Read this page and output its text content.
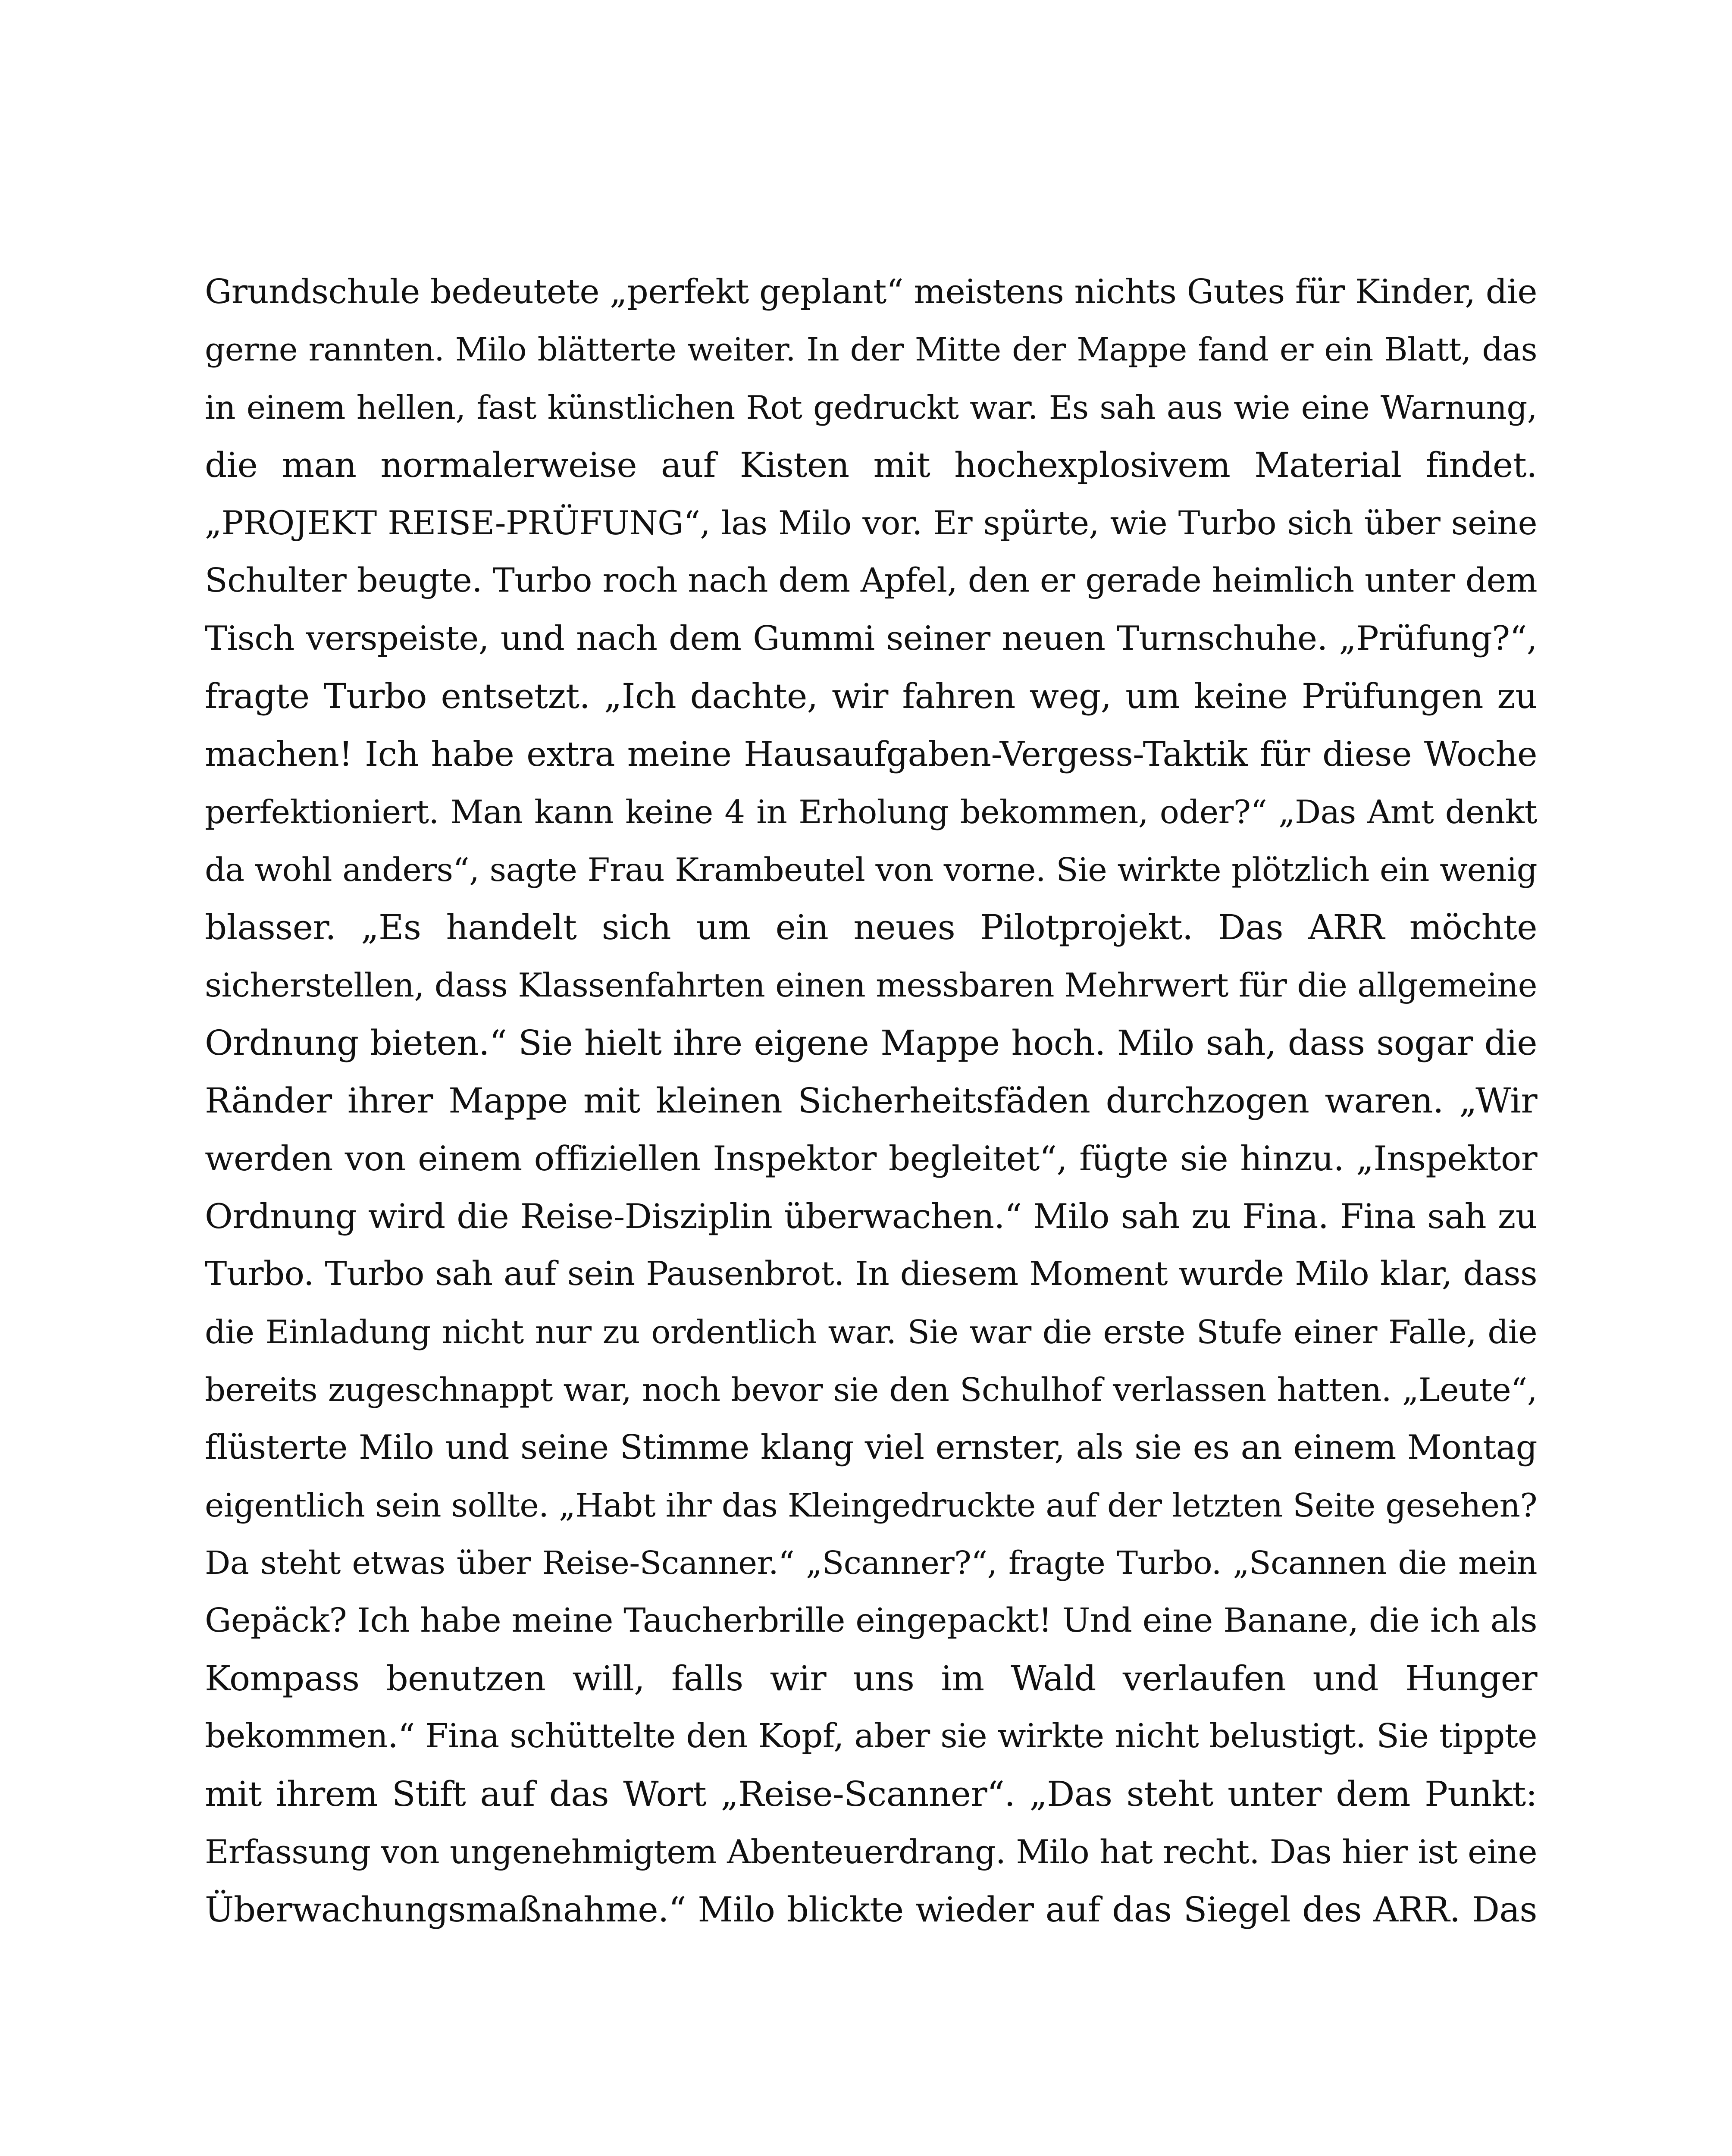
Grundschule bedeutete „perfekt geplant“ meistens nichts Gutes für Kinder, die
gerne rannten. Milo blätterte weiter. In der Mitte der Mappe fand er ein Blatt, das
in einem hellen, fast künstlichen Rot gedruckt war. Es sah aus wie eine Warnung,
die man normalerweise auf Kisten mit hochexplosivem Material findet.
„PROJEKT REISE-PRÜFUNG“, las Milo vor. Er spürte, wie Turbo sich über seine
Schulter beugte. Turbo roch nach dem Apfel, den er gerade heimlich unter dem
Tisch verspeiste, und nach dem Gummi seiner neuen Turnschuhe. „Prüfung?“,
fragte Turbo entsetzt. „Ich dachte, wir fahren weg, um keine Prüfungen zu
machen! Ich habe extra meine Hausaufgaben-Vergess-Taktik für diese Woche
perfektioniert. Man kann keine 4 in Erholung bekommen, oder?“ „Das Amt denkt
da wohl anders“, sagte Frau Krambeutel von vorne. Sie wirkte plötzlich ein wenig
blasser. „Es handelt sich um ein neues Pilotprojekt. Das ARR möchte
sicherstellen, dass Klassenfahrten einen messbaren Mehrwert für die allgemeine
Ordnung bieten.“ Sie hielt ihre eigene Mappe hoch. Milo sah, dass sogar die
Ränder ihrer Mappe mit kleinen Sicherheitsfäden durchzogen waren. „Wir
werden von einem offiziellen Inspektor begleitet“, fügte sie hinzu. „Inspektor
Ordnung wird die Reise-Disziplin überwachen.“ Milo sah zu Fina. Fina sah zu
Turbo. Turbo sah auf sein Pausenbrot. In diesem Moment wurde Milo klar, dass
die Einladung nicht nur zu ordentlich war. Sie war die erste Stufe einer Falle, die
bereits zugeschnappt war, noch bevor sie den Schulhof verlassen hatten. „Leute“,
flüsterte Milo und seine Stimme klang viel ernster, als sie es an einem Montag
eigentlich sein sollte. „Habt ihr das Kleingedruckte auf der letzten Seite gesehen?
Da steht etwas über Reise-Scanner.“ „Scanner?“, fragte Turbo. „Scannen die mein
Gepäck? Ich habe meine Taucherbrille eingepackt! Und eine Banane, die ich als
Kompass benutzen will, falls wir uns im Wald verlaufen und Hunger
bekommen.“ Fina schüttelte den Kopf, aber sie wirkte nicht belustigt. Sie tippte
mit ihrem Stift auf das Wort „Reise-Scanner“. „Das steht unter dem Punkt:
Erfassung von ungenehmigtem Abenteuerdrang. Milo hat recht. Das hier ist eine
Überwachungsmaßnahme.“ Milo blickte wieder auf das Siegel des ARR. Das
